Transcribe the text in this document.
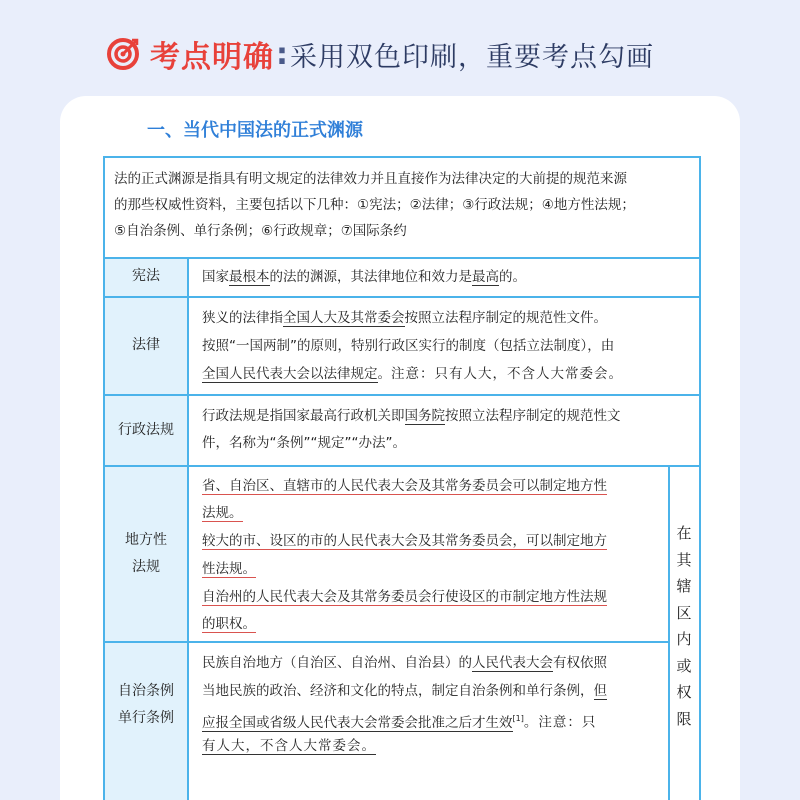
考点明确 : 采用双色印刷，重要考点勾画
一、当代中国法的正式渊源
法的正式渊源是指具有明文规定的法律效力并且直接作为法律决定的大前提的规范来源
的那些权威性资料，主要包括以下几种：①宪法；②法律；③行政法规；④地方性法规；
⑤自治条例、单行条例；⑥行政规章；⑦国际条约
宪法	国家最根本的法的渊源，其法律地位和效力是最高的。
法律
狭义的法律指全国人大及其常委会按照立法程序制定的规范性文件。
按照“一国两制”的原则，特别行政区实行的制度（包括立法制度），由
全国人民代表大会以法律规定。注意：只有人大，不含人大常委会。
行政法规
行政法规是指国家最高行政机关即国务院按照立法程序制定的规范性文
件，名称为“条例”“规定”“办法”。
地方性
法规
省、自治区、直辖市的人民代表大会及其常务委员会可以制定地方性
法规。
较大的市、设区的市的人民代表大会及其常务委员会，可以制定地方
性法规。
自治州的人民代表大会及其常务委员会行使设区的市制定地方性法规
的职权。
自治条例
单行条例
民族自治地方（自治区、自治州、自治县）的人民代表大会有权依照
当地民族的政治、经济和文化的特点，制定自治条例和单行条例，但
应报全国或省级人民代表大会常委会批准之后才生效[1]。注意：只
有人大，不含人大常委会。
在
其
辖
区
内
或
权
限
